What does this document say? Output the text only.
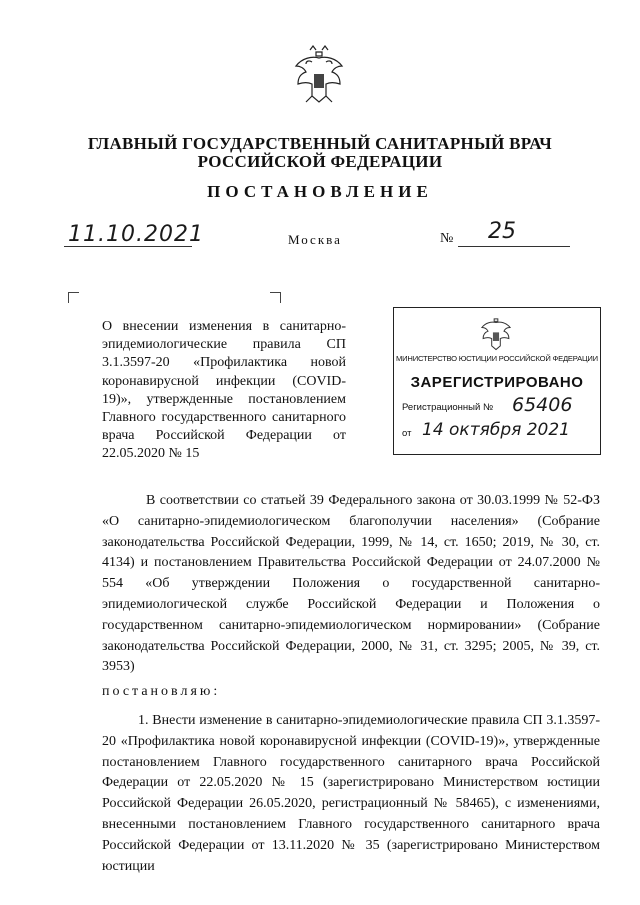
ГЛАВНЫЙ ГОСУДАРСТВЕННЫЙ САНИТАРНЫЙ ВРАЧ
РОССИЙСКОЙ ФЕДЕРАЦИИ
ПОСТАНОВЛЕНИЕ
11.10.2021	Москва	№ 25
О внесении изменения в санитарно-эпидемиологические правила СП 3.1.3597-20 «Профилактика новой коронавирусной инфекции (COVID-19)», утвержденные постановлением Главного государственного санитарного врача Российской Федерации от 22.05.2020 № 15
МИНИСТЕРСТВО ЮСТИЦИИ РОССИЙСКОЙ ФЕДЕРАЦИИ
ЗАРЕГИСТРИРОВАНО
Регистрационный № 65406
от 14 октября 2021
В соответствии со статьей 39 Федерального закона от 30.03.1999 № 52-ФЗ «О санитарно-эпидемиологическом благополучии населения» (Собрание законодательства Российской Федерации, 1999, № 14, ст. 1650; 2019, № 30, ст. 4134) и постановлением Правительства Российской Федерации от 24.07.2000 № 554 «Об утверждении Положения о государственной санитарно-эпидемиологической службе Российской Федерации и Положения о государственном санитарно-эпидемиологическом нормировании» (Собрание законодательства Российской Федерации, 2000, № 31, ст. 3295; 2005, № 39, ст. 3953)
постановляю:
1. Внести изменение в санитарно-эпидемиологические правила СП 3.1.3597-20 «Профилактика новой коронавирусной инфекции (COVID-19)», утвержденные постановлением Главного государственного санитарного врача Российской Федерации от 22.05.2020 № 15 (зарегистрировано Министерством юстиции Российской Федерации 26.05.2020, регистрационный № 58465), с изменениями, внесенными постановлением Главного государственного санитарного врача Российской Федерации от 13.11.2020 № 35 (зарегистрировано Министерством юстиции
